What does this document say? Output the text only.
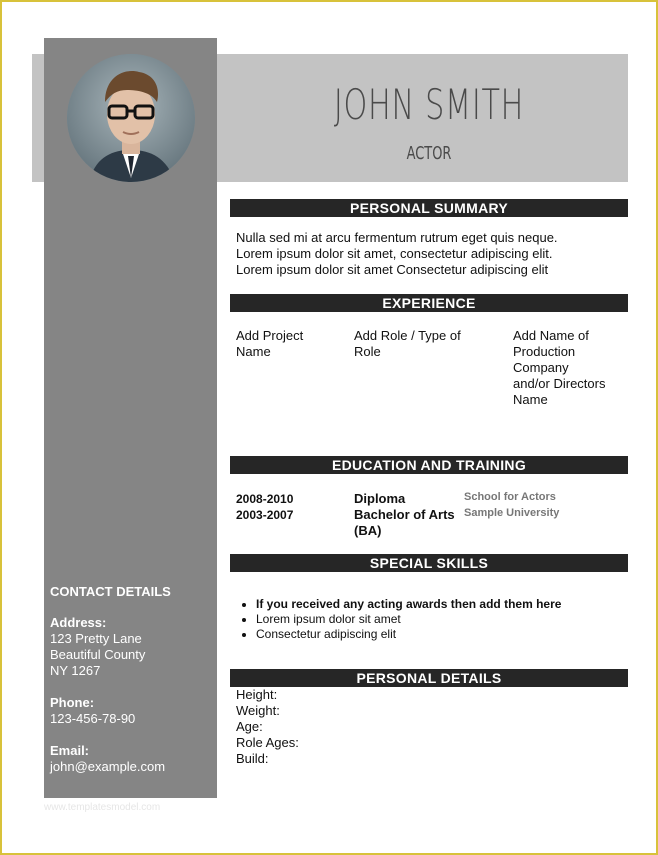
JOHN SMITH
ACTOR
PERSONAL SUMMARY
Nulla sed mi at arcu fermentum rutrum eget quis neque.
Lorem ipsum dolor sit amet, consectetur adipiscing elit.
Lorem ipsum dolor sit amet Consectetur adipiscing elit
EXPERIENCE
Add Project
Name
Add Role / Type of
Role
Add Name of
Production
Company
and/or Directors
Name
EDUCATION AND TRAINING
2008-2010
2003-2007
Diploma
Bachelor of Arts
(BA)
School for Actors
Sample University
SPECIAL SKILLS
• If you received any acting awards then add them here
• Lorem ipsum dolor sit amet
• Consectetur adipiscing elit
PERSONAL DETAILS
Height:
Weight:
Age:
Role Ages:
Build:
CONTACT DETAILS
Address:
123 Pretty Lane
Beautiful County
NY 1267
Phone:
123-456-78-90
Email:
john@example.com
www.templatesmodel.com
